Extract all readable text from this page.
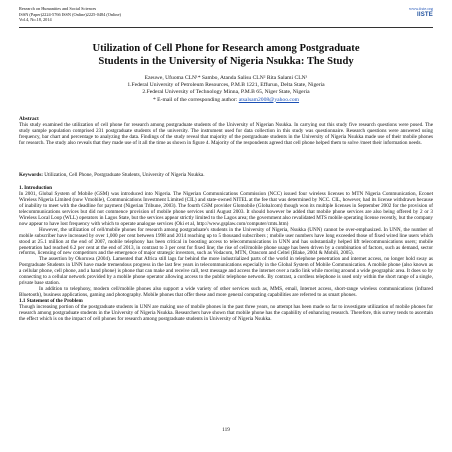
Research on Humanities and Social Sciences
ISSN (Paper)2224-5766 ISSN (Online)2225-0484 (Online)
Vol.4, No.18, 2014
www.iiste.org
IISTE
Utilization of Cell Phone for Research among Postgraduate
Students in the University of Nigeria Nsukka: The Study
Ezeuwe, Ufuoma CLN¹* Sambo, Atanda Salisu CLN² Rita Salami CLN¹
1.Federal University of Petroleum Resources, P.M.B 1221, Effurun, Delta State, Nigeria
2.Federal University of Technology Minna, P.M.B 65, Niger State, Nigeria
* E-mail of the corresponding author: atsalsam2008@yahoo.com
Abstract

This study examined the utilization of cell phone for research among postgraduate students of the University of Nigerian Nsukka. In carrying out this study five research questions were posed. The study sample population comprised 231 postgraduate students of the university. The instrument used for data collection in this study was questionnaire. Research questions were answered using frequency, bar chart and percentage to analyzing the data. Findings of the study reveal that majority of the postgraduate students in the University of Nigeria Nsukka made use of their mobile phones for research. The study also reveals that they made use of it all the time as shown in figure 4. Majority of the respondents agreed that cell phone helped them to solve /meet their information needs.

Keywords: Utilization, Cell Phone, Postgraduate Students, University of Nigeria Nsukka.

1. Introduction

In 2001, Global System of Mobile (GSM) was introduced into Nigeria. The Nigerian Communications Commission (NCC) issued four wireless licenses to MTN Nigeria Communication, Econet Wireless Nigeria Limited (now Vmobile), Communications Investment Limited (CIL) and state-owned NITEL at the fee that was determined by NCC. CIL, however, had its license withdrawn because of inability to meet with the deadline for payment (Nigerian Tribune, 2003). The fourth GSM provider Glomobile (Globalcom) though won its multiple licenses in September 2002 for the provision of telecommunications services but did not commence provision of mobile phone services until August 2003. It should however be added that mobile phone services are also being offered by 2 or 3 Wireless Local Loop (WLL) operators in Lagos State, but the services appear strictly limited to the Lagos area; the government also revalidated MTS mobile operating license recently, but the company now appear to have lost frequency with which to operate analogue services (Oki et al, http://www.gsplaw.com/computer/cmts.htm)

However, the utilization of cell/mobile phones for research among postgraduate's students in the University of Nigeria, Nsukka (UNN) cannot be over-emphasized. In UNN, the number of mobile subscriber have increased by over 1,000 per cent between 1998 and 2014 reaching up to 5 thousand subscribers ; mobile user numbers have long exceeded those of fixed wired line users which stood at 25.1 million at the end of 2007, mobile telephony has been critical in boosting access to telecommunications in UNN and has substantially helped lift telecommunications users; mobile penetration had reached 6.2 per cent at the end of 2013, in contrast to 3 per cent for fixed line; the rise of cell/mobile phone usage has been driven by a combination of factors, such as demand, sector reforms, licensing of new competitors and the emergence of major strategic investors, such as Vodacom, MTN, Orascom and Celtel (Blake, 2004 & Mobili, 2005).

The assertion by Okoruwa (2004). Lamented that Africa still lags far behind the more industrialized parts of the world in telephone penetration and internet access, no longer hold sway as Postgraduate Students in UNN have made tremendous progress in the last few years in telecommunications especially in the Global System of Mobile Communication. A mobile phone (also known as a cellular phone, cell phone, and a hand phone) is phone that can make and receive call, text message and access the internet over a radio link while moving around a wide geographic area. It does so by connecting to a cellular network provided by a mobile phone operator allowing access to the public telephone network. By contrast, a cordless telephone is used only within the short range of a single, private base station.

In addition to telephony, modern cell/mobile phones also support a wide variety of other services such as, MMS, email, Internet access, short-range wireless communications (infrared Bluetooth), business applications, gaming and photography. Mobile phones that offer these and more general computing capabilities are referred to as smart phones.

1.1 Statement of the Problem

Though increasing portion of the postgraduate students in UNN are making use of mobile phones in the past three years, no attempt has been made so far to investigate utilization of mobile phones for research among postgraduate students in the University of Nigeria Nsukka. Researchers have shown that mobile phone has the capability of enhancing research. Therefore, this survey tends to ascertain the effect which is on the impact of cell phones for research among postgraduate students in University of Nigeria Nsukka.

119
